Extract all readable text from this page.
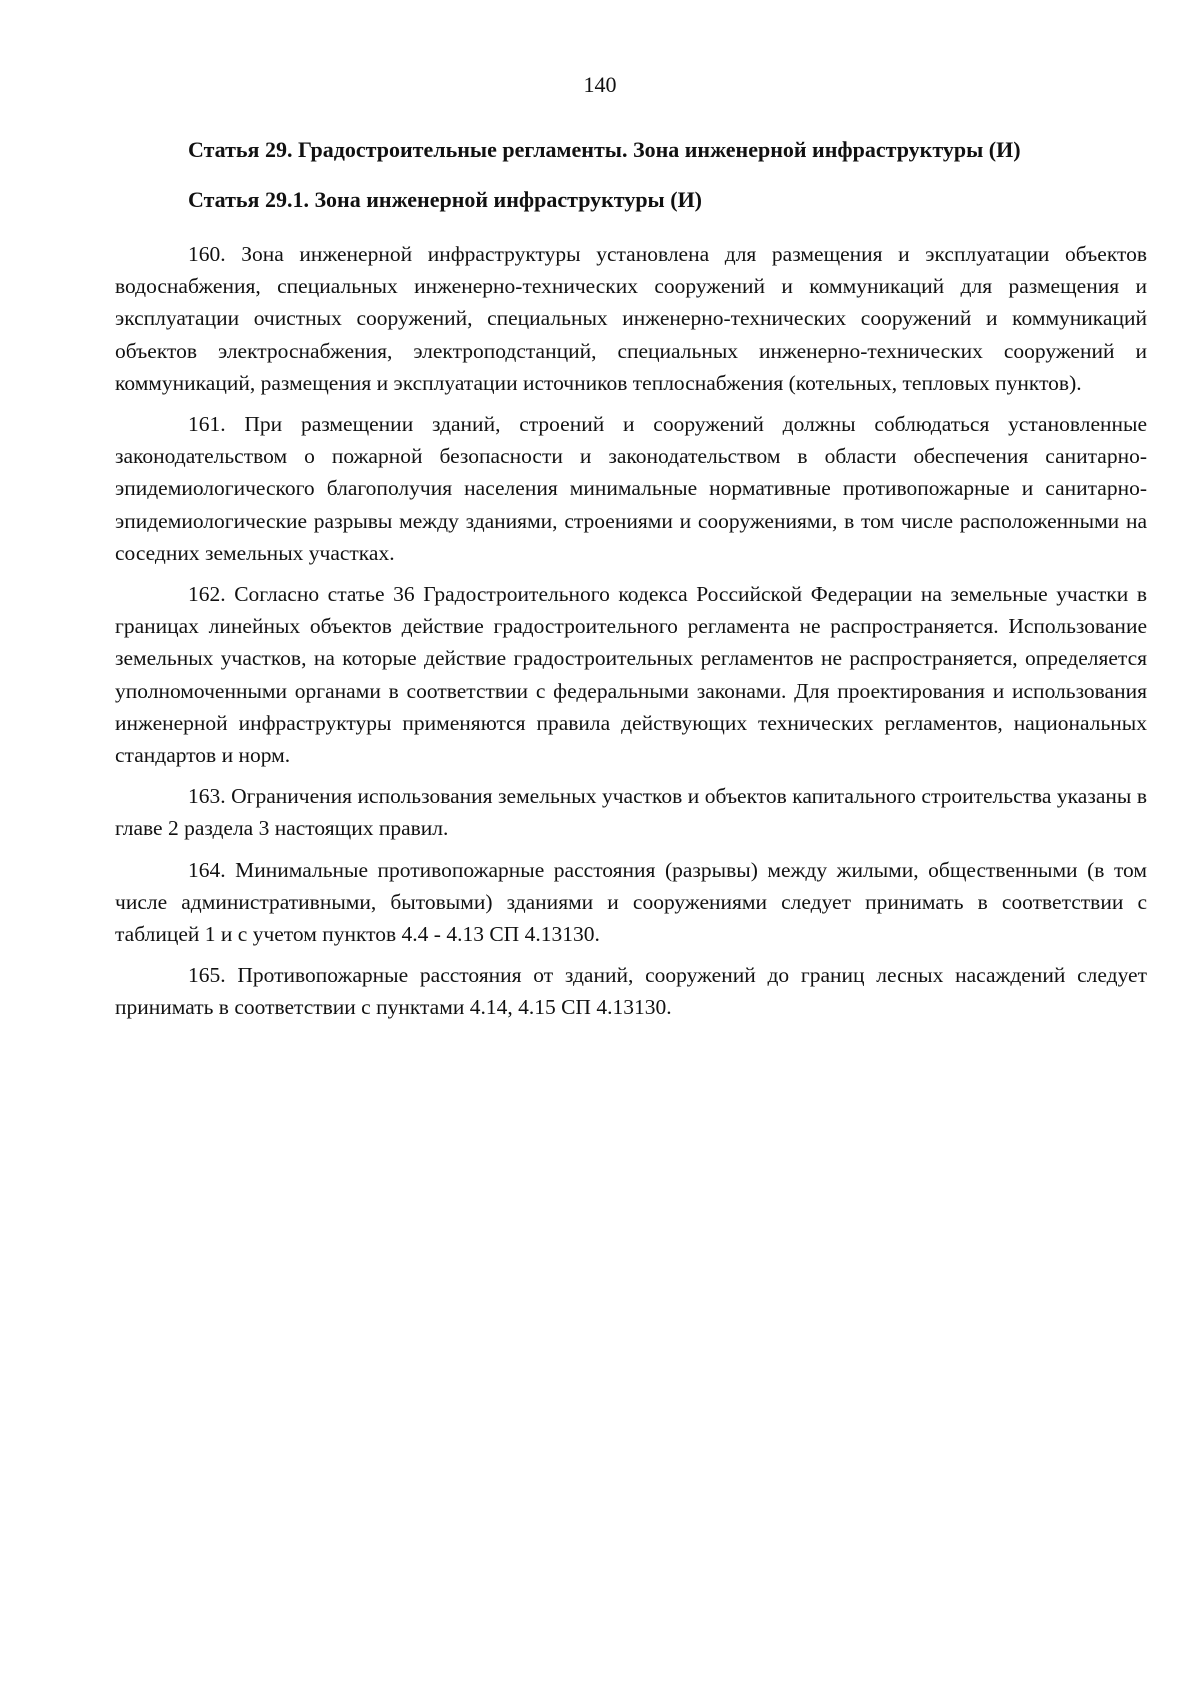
140
Статья 29. Градостроительные регламенты. Зона инженерной инфраструктуры (И)
Статья 29.1. Зона инженерной инфраструктуры (И)

160. Зона инженерной инфраструктуры установлена для размещения и эксплуатации объектов водоснабжения, специальных инженерно-технических сооружений и коммуникаций для размещения и эксплуатации очистных сооружений, специальных инженерно-технических сооружений и коммуникаций объектов электроснабжения, электроподстанций, специальных инженерно-технических сооружений и коммуникаций, размещения и эксплуатации источников теплоснабжения (котельных, тепловых пунктов).

161. При размещении зданий, строений и сооружений должны соблюдаться установленные законодательством о пожарной безопасности и законодательством в области обеспечения санитарно-эпидемиологического благополучия населения минимальные нормативные противопожарные и санитарно-эпидемиологические разрывы между зданиями, строениями и сооружениями, в том числе расположенными на соседних земельных участках.

162. Согласно статье 36 Градостроительного кодекса Российской Федерации на земельные участки в границах линейных объектов действие градостроительного регламента не распространяется. Использование земельных участков, на которые действие градостроительных регламентов не распространяется, определяется уполномоченными органами в соответствии с федеральными законами. Для проектирования и использования инженерной инфраструктуры применяются правила действующих технических регламентов, национальных стандартов и норм.

163. Ограничения использования земельных участков и объектов капитального строительства указаны в главе 2 раздела 3 настоящих правил.

164. Минимальные противопожарные расстояния (разрывы) между жилыми, общественными (в том числе административными, бытовыми) зданиями и сооружениями следует принимать в соответствии с таблицей 1 и с учетом пунктов 4.4 - 4.13 СП 4.13130.

165. Противопожарные расстояния от зданий, сооружений до границ лесных насаждений следует принимать в соответствии с пунктами 4.14, 4.15 СП 4.13130.
